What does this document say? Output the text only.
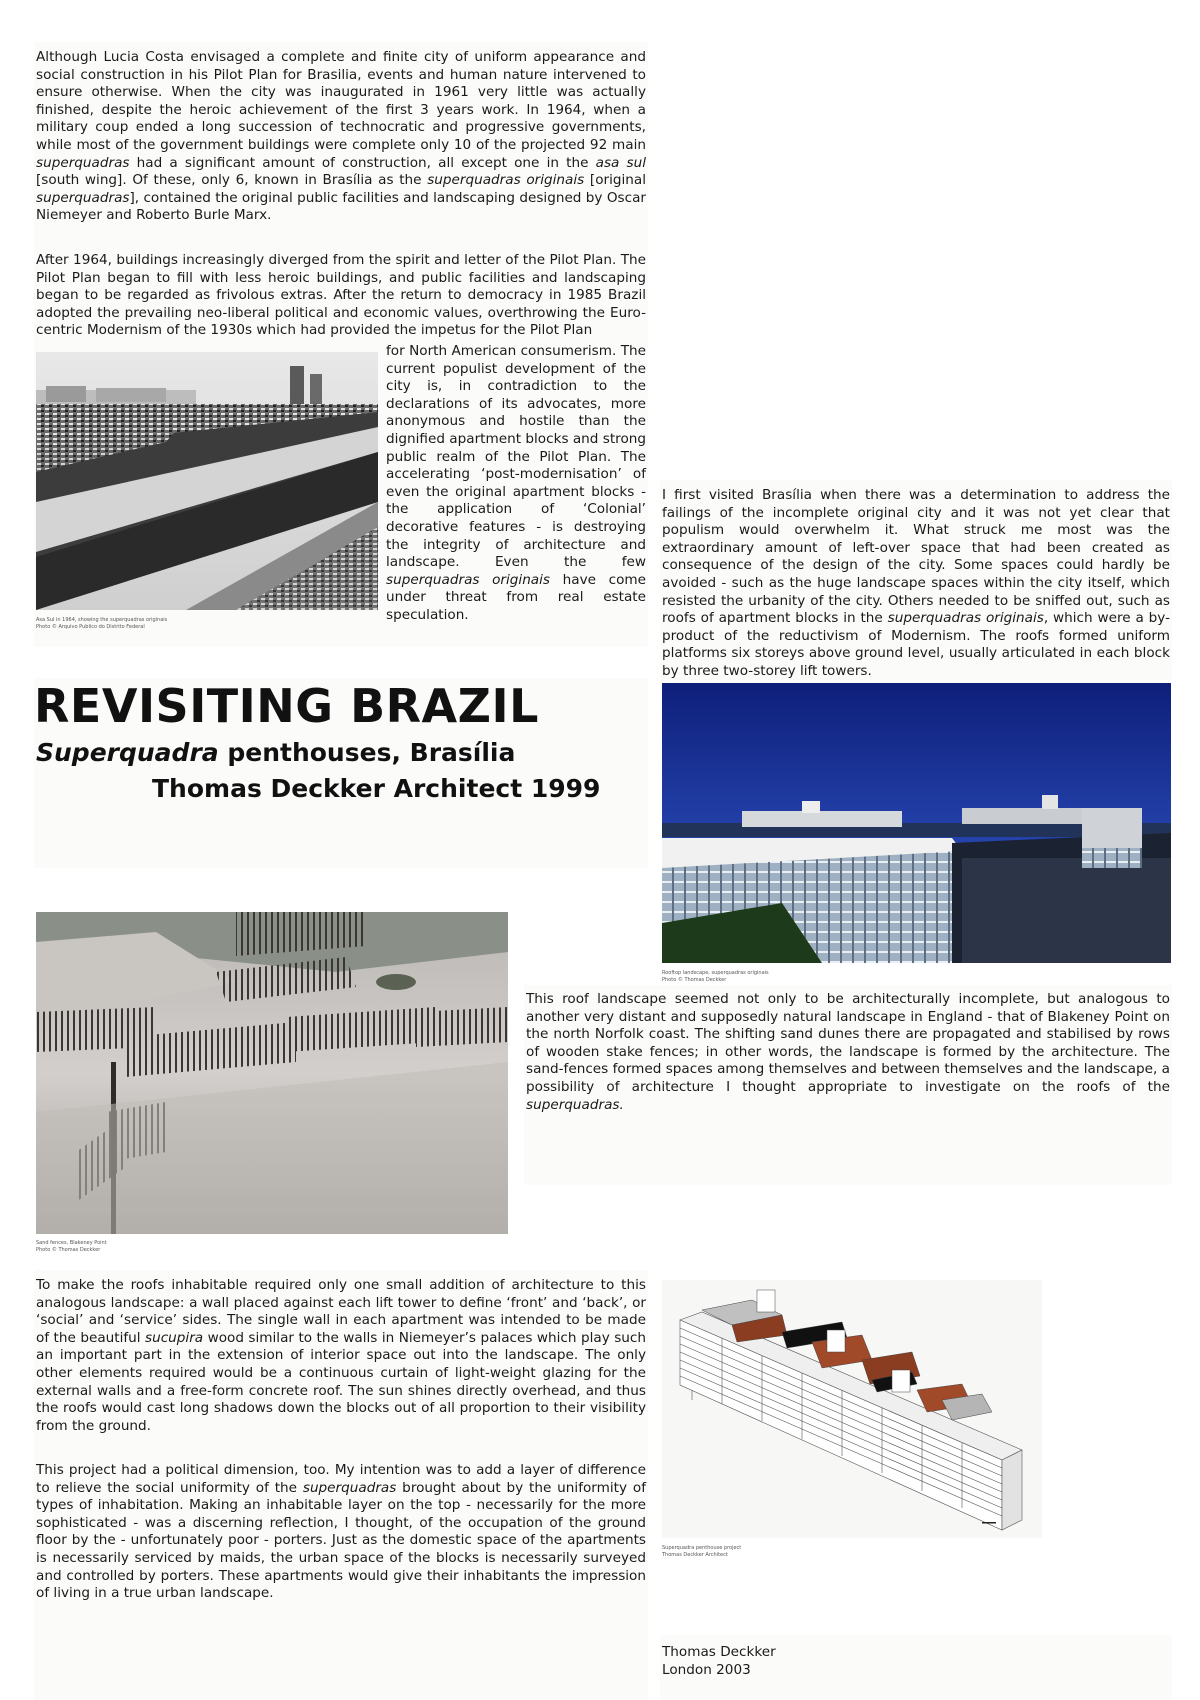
Although Lucia Costa envisaged a complete and finite city of uniform appearance and social construction in his Pilot Plan for Brasilia, events and human nature intervened to ensure otherwise. When the city was inaugurated in 1961 very little was actually finished, despite the heroic achievement of the first 3 years work. In 1964, when a military coup ended a long succession of technocratic and progressive governments, while most of the government buildings were complete only 10 of the projected 92 main superquadras had a significant amount of construction, all except one in the asa sul [south wing]. Of these, only 6, known in Brasília as the superquadras originais [original superquadras], contained the original public facilities and landscaping designed by Oscar Niemeyer and Roberto Burle Marx.

After 1964, buildings increasingly diverged from the spirit and letter of the Pilot Plan. The Pilot Plan began to fill with less heroic buildings, and public facilities and landscaping began to be regarded as frivolous extras. After the return to democracy in 1985 Brazil adopted the prevailing neo-liberal political and economic values, overthrowing the Euro-centric Modernism of the 1930s which had provided the impetus for the Pilot Plan

for North American consumerism. The current populist development of the city is, in contradiction to the declarations of its advocates, more anonymous and hostile than the dignified apartment blocks and strong public realm of the Pilot Plan. The accelerating ‘post-modernisation’ of even the original apartment blocks - the application of ‘Colonial’ decorative features - is destroying the integrity of architecture and landscape. Even the few superquadras originais have come under threat from real estate speculation.

Asa Sul in 1964, showing the superquadras originais
Photo © Arquivo Publico do Distrito Federal

I first visited Brasília when there was a determination to address the failings of the incomplete original city and it was not yet clear that populism would overwhelm it. What struck me most was the extraordinary amount of left-over space that had been created as consequence of the design of the city. Some spaces could hardly be avoided - such as the huge landscape spaces within the city itself, which resisted the urbanity of the city. Others needed to be sniffed out, such as roofs of apartment blocks in the superquadras originais, which were a by-product of the reductivism of Modernism. The roofs formed uniform platforms six storeys above ground level, usually articulated in each block by three two-storey lift towers.

REVISITING BRAZIL
Superquadra penthouses, Brasília
Thomas Deckker Architect 1999
Rooftop landscape, superquadras originais
Photo © Thomas Deckker
Sand fences, Blakeney Point
Photo © Thomas Deckker

This roof landscape seemed not only to be architecturally incomplete, but analogous to another very distant and supposedly natural landscape in England - that of Blakeney Point on the north Norfolk coast. The shifting sand dunes there are propagated and stabilised by rows of wooden stake fences; in other words, the landscape is formed by the architecture. The sand-fences formed spaces among themselves and between themselves and the landscape, a possibility of architecture I thought appropriate to investigate on the roofs of the superquadras.

To make the roofs inhabitable required only one small addition of architecture to this analogous landscape: a wall placed against each lift tower to define ‘front’ and ‘back’, or ‘social’ and ‘service’ sides. The single wall in each apartment was intended to be made of the beautiful sucupira wood similar to the walls in Niemeyer’s palaces which play such an important part in the extension of interior space out into the landscape. The only other elements required would be a continuous curtain of light-weight glazing for the external walls and a free-form concrete roof. The sun shines directly overhead, and thus the roofs would cast long shadows down the blocks out of all proportion to their visibility from the ground.

This project had a political dimension, too. My intention was to add a layer of difference to relieve the social uniformity of the superquadras brought about by the uniformity of types of inhabitation. Making an inhabitable layer on the top - necessarily for the more sophisticated - was a discerning reflection, I thought, of the occupation of the ground floor by the - unfortunately poor - porters. Just as the domestic space of the apartments is necessarily serviced by maids, the urban space of the blocks is necessarily surveyed and controlled by porters. These apartments would give their inhabitants the impression of living in a true urban landscape.

Superquadra penthouse project
Thomas Deckker Architect
Thomas Deckker
London 2003
